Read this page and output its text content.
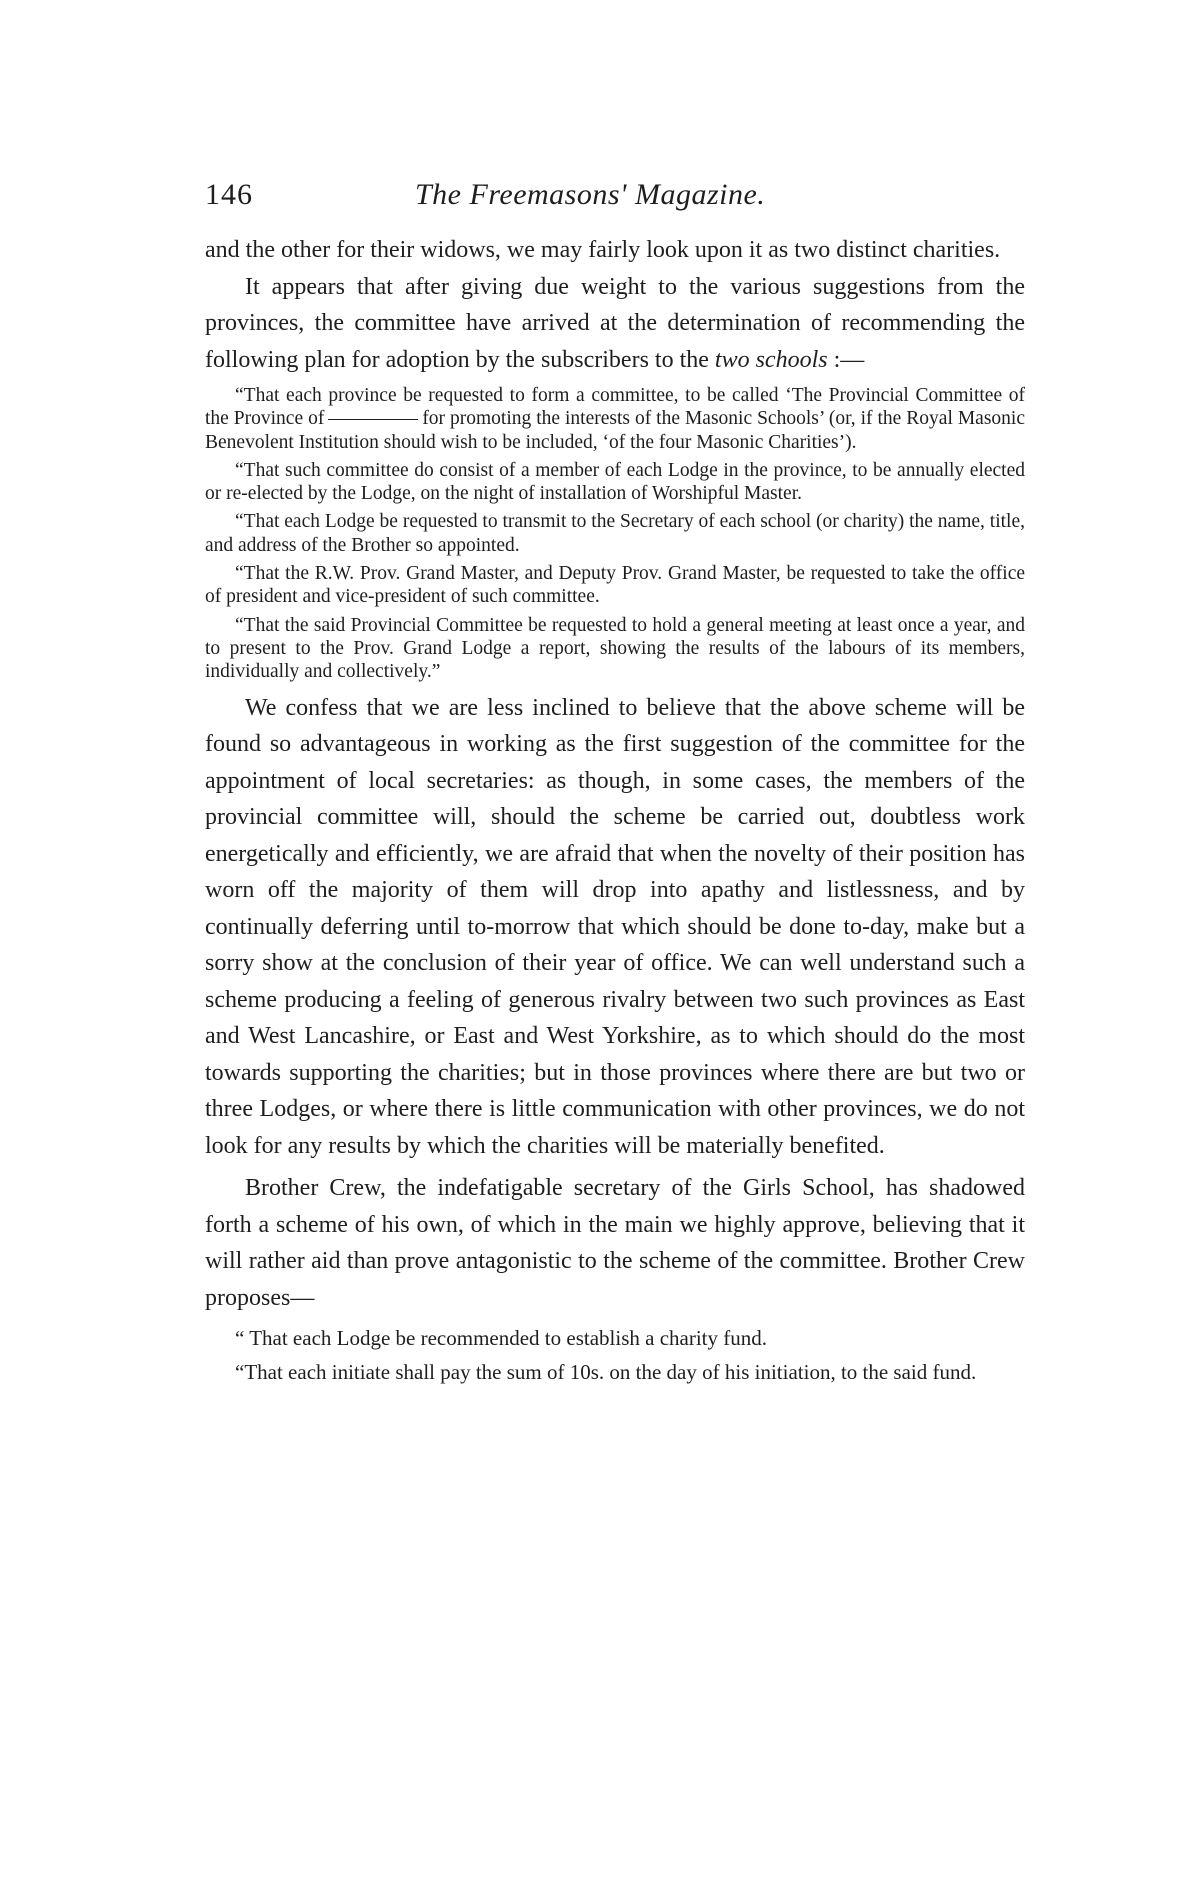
146	The Freemasons' Magazine.

and the other for their widows, we may fairly look upon it as two distinct charities.

It appears that after giving due weight to the various suggestions from the provinces, the committee have arrived at the determination of recommending the following plan for adoption by the subscribers to the two schools :—

“That each province be requested to form a committee, to be called ‘The Provincial Committee of the Province of	for promoting the interests of the Masonic Schools’ (or, if the Royal Masonic Benevolent Institution should wish to be included, ‘of the four Masonic Charities’).

“That such committee do consist of a member of each Lodge in the province, to be annually elected or re-elected by the Lodge, on the night of installation of Worshipful Master.

“That each Lodge be requested to transmit to the Secretary of each school (or charity) the name, title, and address of the Brother so appointed.

“That the R.W. Prov. Grand Master, and Deputy Prov. Grand Master, be requested to take the office of president and vice-president of such committee.

“That the said Provincial Committee be requested to hold a general meeting at least once a year, and to present to the Prov. Grand Lodge a report, showing the results of the labours of its members, individually and collectively.”

We confess that we are less inclined to believe that the above scheme will be found so advantageous in working as the first suggestion of the committee for the appointment of local secretaries: as though, in some cases, the members of the provincial committee will, should the scheme be carried out, doubtless work energetically and efficiently, we are afraid that when the novelty of their position has worn off the majority of them will drop into apathy and listlessness, and by continually deferring until to-morrow that which should be done to-day, make but a sorry show at the conclusion of their year of office. We can well understand such a scheme producing a feeling of generous rivalry between two such provinces as East and West Lancashire, or East and West Yorkshire, as to which should do the most towards supporting the charities; but in those provinces where there are but two or three Lodges, or where there is little communication with other provinces, we do not look for any results by which the charities will be materially benefited.

Brother Crew, the indefatigable secretary of the Girls School, has shadowed forth a scheme of his own, of which in the main we highly approve, believing that it will rather aid than prove antagonistic to the scheme of the committee. Brother Crew proposes—

“ That each Lodge be recommended to establish a charity fund.

“That each initiate shall pay the sum of 10s. on the day of his initiation, to the said fund.
